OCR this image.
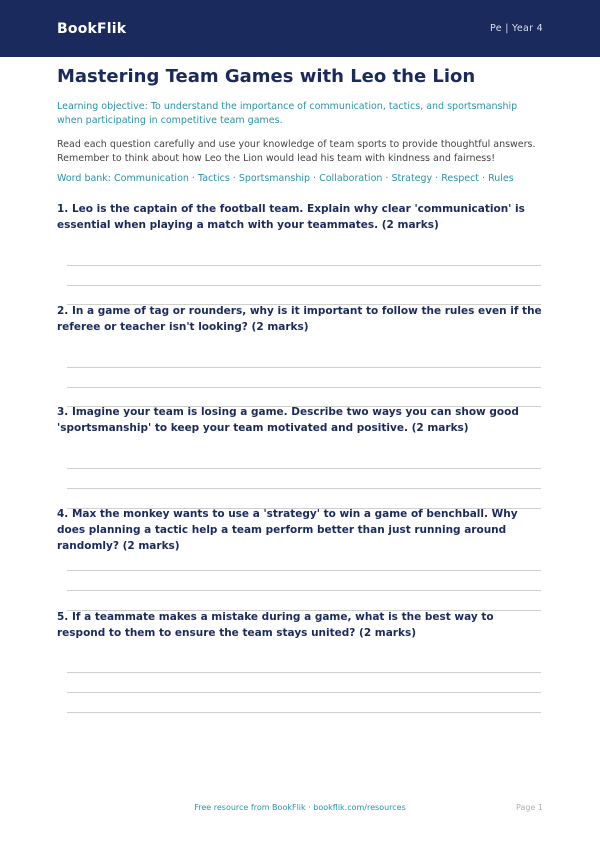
BookFlik	Pe | Year 4
Mastering Team Games with Leo the Lion
Learning objective: To understand the importance of communication, tactics, and sportsmanship when participating in competitive team games.
Read each question carefully and use your knowledge of team sports to provide thoughtful answers. Remember to think about how Leo the Lion would lead his team with kindness and fairness!
Word bank: Communication · Tactics · Sportsmanship · Collaboration · Strategy · Respect · Rules
1. Leo is the captain of the football team. Explain why clear 'communication' is essential when playing a match with your teammates. (2 marks)
2. In a game of tag or rounders, why is it important to follow the rules even if the referee or teacher isn't looking? (2 marks)
3. Imagine your team is losing a game. Describe two ways you can show good 'sportsmanship' to keep your team motivated and positive. (2 marks)
4. Max the monkey wants to use a 'strategy' to win a game of benchball. Why does planning a tactic help a team perform better than just running around randomly? (2 marks)
5. If a teammate makes a mistake during a game, what is the best way to respond to them to ensure the team stays united? (2 marks)
Free resource from BookFlik · bookflik.com/resources	Page 1
